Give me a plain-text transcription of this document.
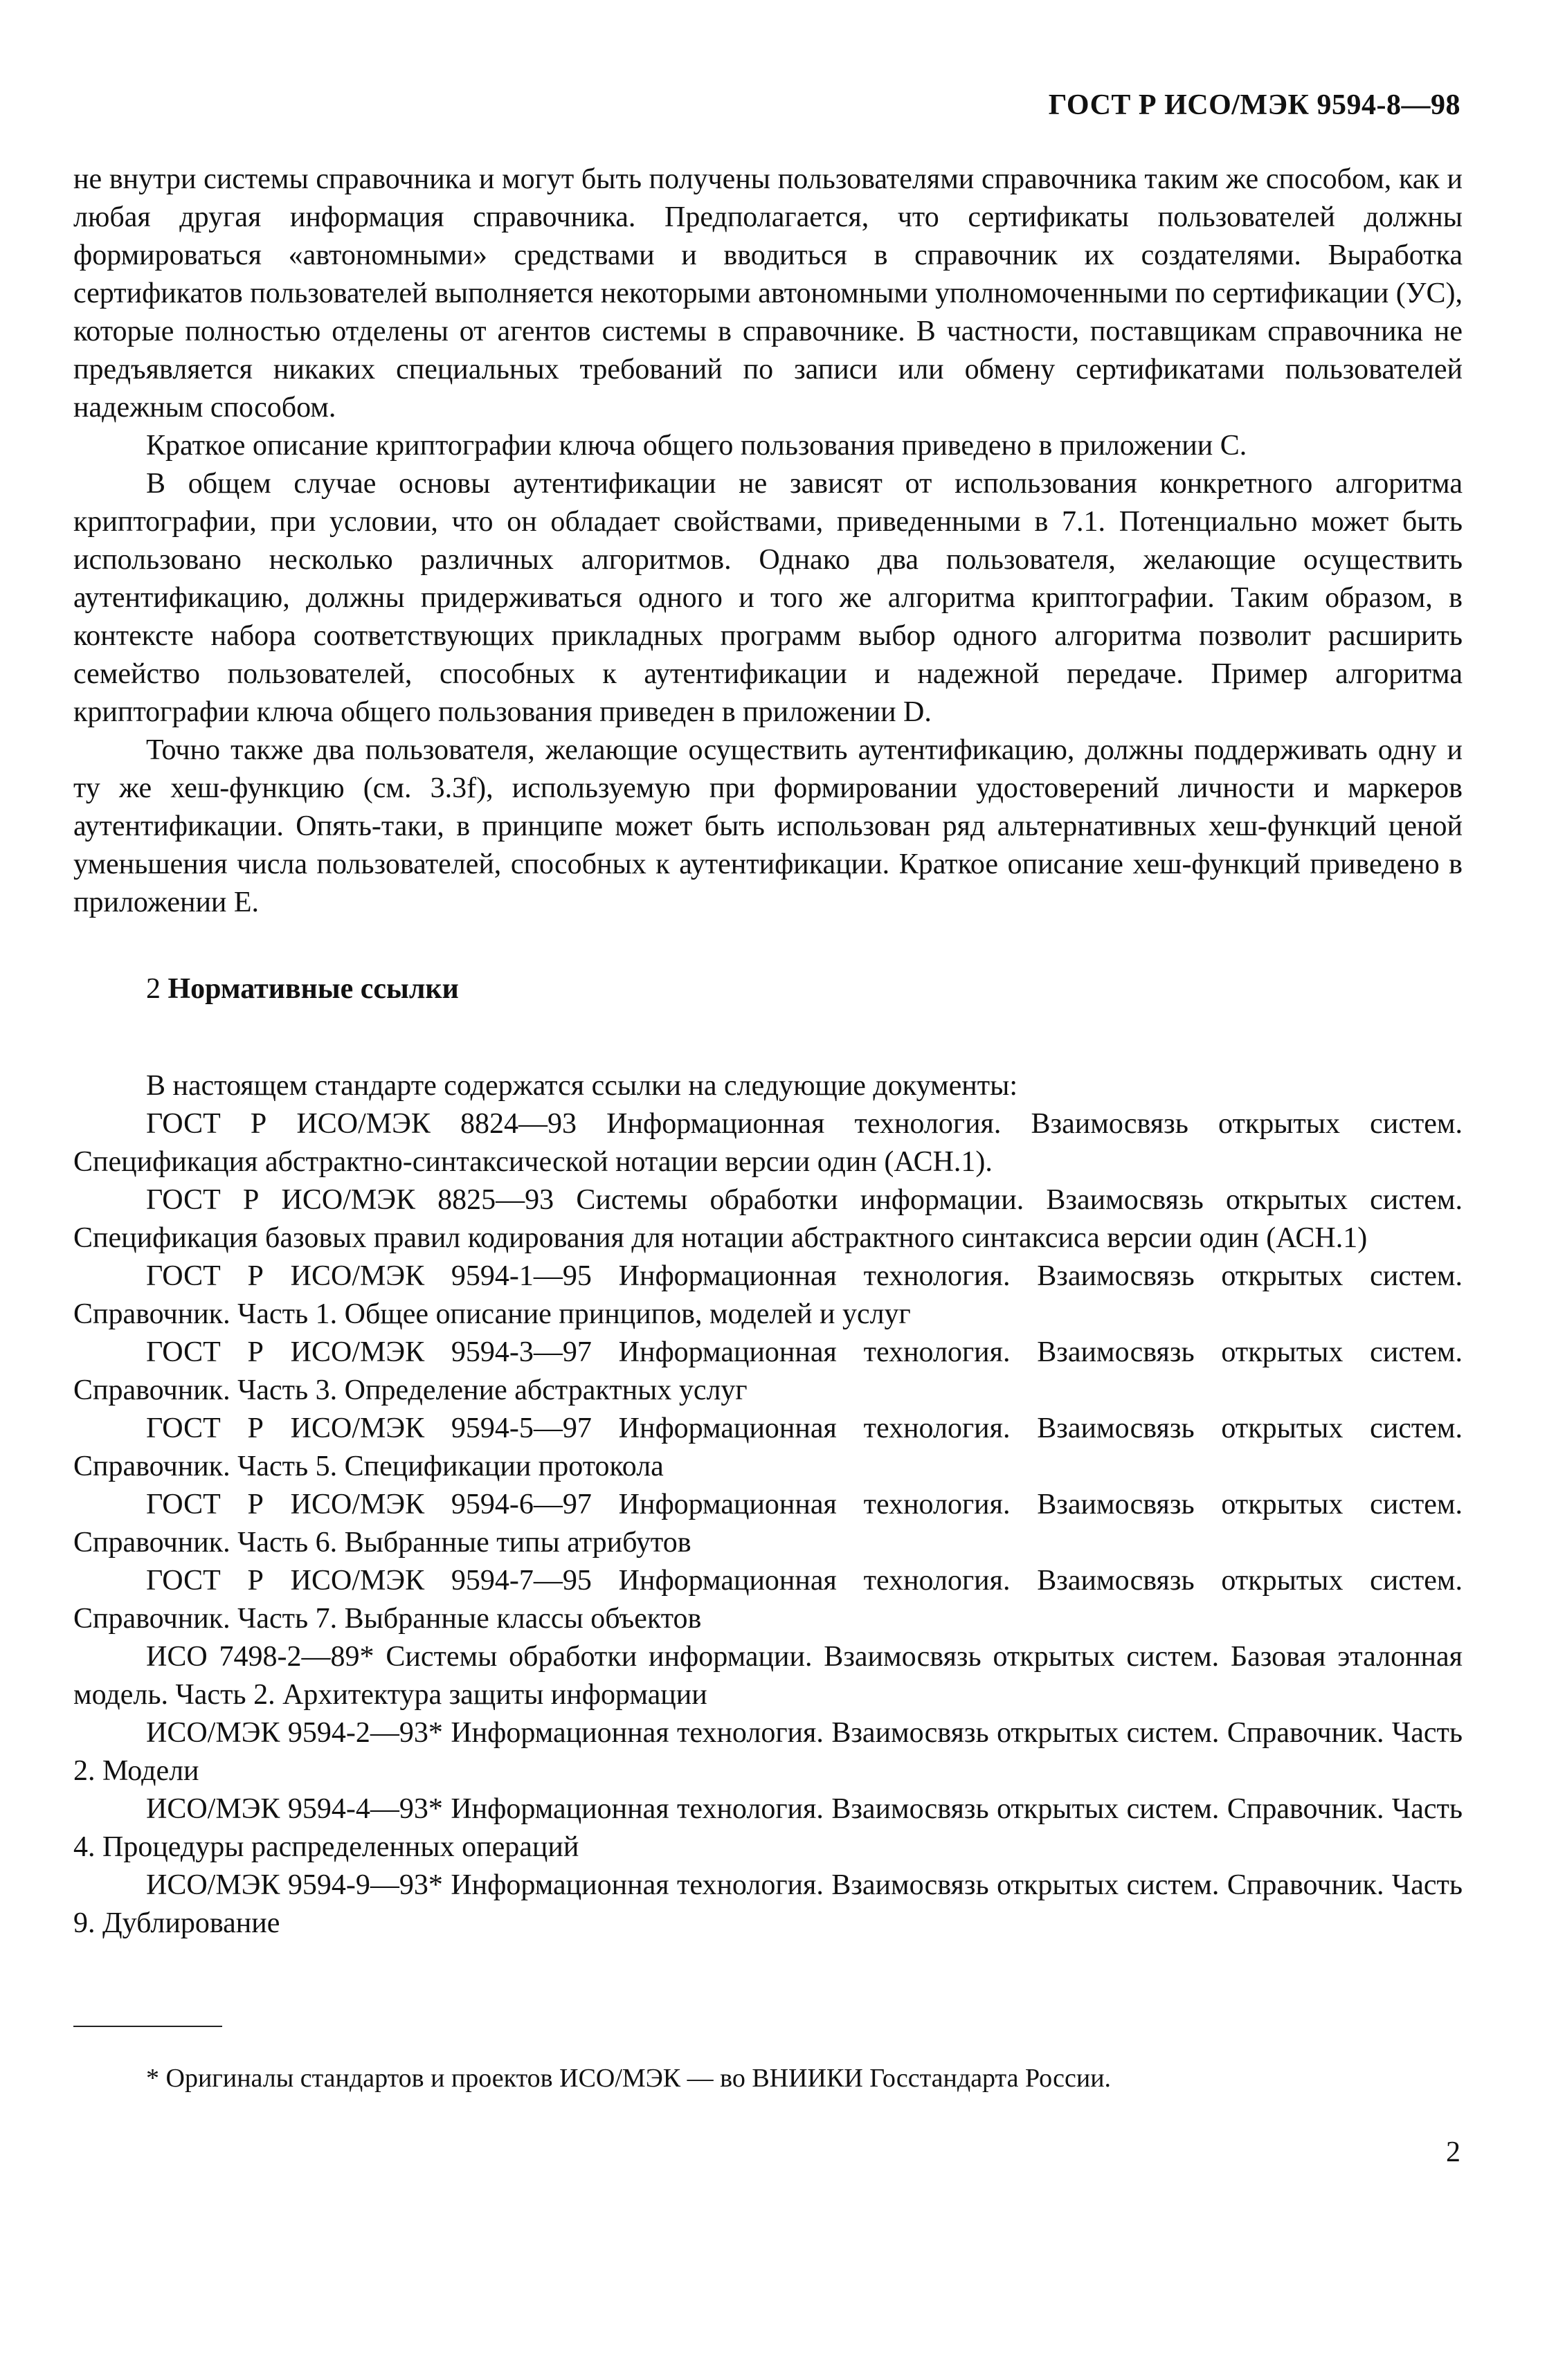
ГОСТ Р ИСО/МЭК 9594-8—98

не внутри системы справочника и могут быть получены пользователями справочника таким же способом, как и любая другая информация справочника. Предполагается, что сертификаты пользователей должны формироваться «автономными» средствами и вводиться в справочник их создателями. Выработка сертификатов пользователей выполняется некоторыми автономными уполномоченными по сертификации (УС), которые полностью отделены от агентов системы в справочнике. В частности, поставщикам справочника не предъявляется никаких специальных требований по записи или обмену сертификатами пользователей надежным способом.

Краткое описание криптографии ключа общего пользования приведено в приложении С.

В общем случае основы аутентификации не зависят от использования конкретного алгоритма криптографии, при условии, что он обладает свойствами, приведенными в 7.1. Потенциально может быть использовано несколько различных алгоритмов. Однако два пользователя, желающие осуществить аутентификацию, должны придерживаться одного и того же алгоритма криптографии. Таким образом, в контексте набора соответствующих прикладных программ выбор одного алгоритма позволит расширить семейство пользователей, способных к аутентификации и надежной передаче. Пример алгоритма криптографии ключа общего пользования приведен в приложении D.

Точно также два пользователя, желающие осуществить аутентификацию, должны поддерживать одну и ту же хеш-функцию (см. 3.3f), используемую при формировании удостоверений личности и маркеров аутентификации. Опять-таки, в принципе может быть использован ряд альтернативных хеш-функций ценой уменьшения числа пользователей, способных к аутентификации. Краткое описание хеш-функций приведено в приложении Е.

2 Нормативные ссылки

В настоящем стандарте содержатся ссылки на следующие документы:

ГОСТ Р ИСО/МЭК 8824—93 Информационная технология. Взаимосвязь открытых систем. Спецификация абстрактно-синтаксической нотации версии один (АСН.1).

ГОСТ Р ИСО/МЭК 8825—93 Системы обработки информации. Взаимосвязь открытых систем. Спецификация базовых правил кодирования для нотации абстрактного синтаксиса версии один (АСН.1)

ГОСТ Р ИСО/МЭК 9594-1—95 Информационная технология. Взаимосвязь открытых систем. Справочник. Часть 1. Общее описание принципов, моделей и услуг

ГОСТ Р ИСО/МЭК 9594-3—97 Информационная технология. Взаимосвязь открытых систем. Справочник. Часть 3. Определение абстрактных услуг

ГОСТ Р ИСО/МЭК 9594-5—97 Информационная технология. Взаимосвязь открытых систем. Справочник. Часть 5. Спецификации протокола

ГОСТ Р ИСО/МЭК 9594-6—97 Информационная технология. Взаимосвязь открытых систем. Справочник. Часть 6. Выбранные типы атрибутов

ГОСТ Р ИСО/МЭК 9594-7—95 Информационная технология. Взаимосвязь открытых систем. Справочник. Часть 7. Выбранные классы объектов

ИСО 7498-2—89* Системы обработки информации. Взаимосвязь открытых систем. Базовая эталонная модель. Часть 2. Архитектура защиты информации

ИСО/МЭК 9594-2—93* Информационная технология. Взаимосвязь открытых систем. Справочник. Часть 2. Модели

ИСО/МЭК 9594-4—93* Информационная технология. Взаимосвязь открытых систем. Справочник. Часть 4. Процедуры распределенных операций

ИСО/МЭК 9594-9—93* Информационная технология. Взаимосвязь открытых систем. Справочник. Часть 9. Дублирование

* Оригиналы стандартов и проектов ИСО/МЭК — во ВНИИКИ Госстандарта России.
2
